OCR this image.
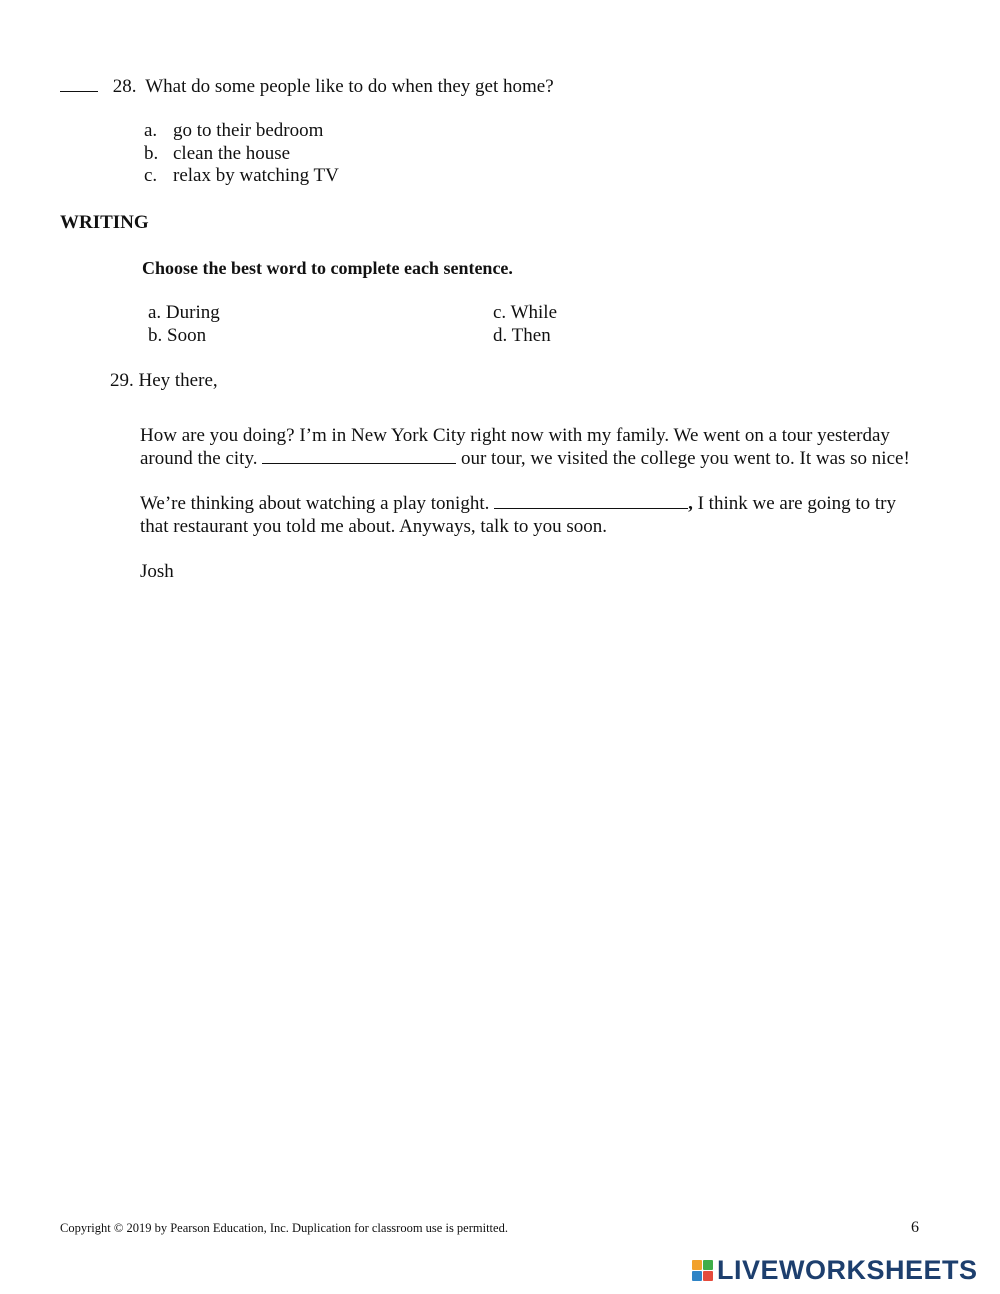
28. What do some people like to do when they get home?
a. go to their bedroom
b. clean the house
c. relax by watching TV
WRITING
Choose the best word to complete each sentence.
a. During
b. Soon
c. While
d. Then
29. Hey there,
How are you doing? I’m in New York City right now with my family. We went on a tour yesterday
around the city.	our tour, we visited the college you went to. It was so nice!
We’re thinking about watching a play tonight.	, I think we are going to try
that restaurant you told me about. Anyways, talk to you soon.
Josh
Copyright © 2019 by Pearson Education, Inc. Duplication for classroom use is permitted.	6
LIVEWORKSHEETS
